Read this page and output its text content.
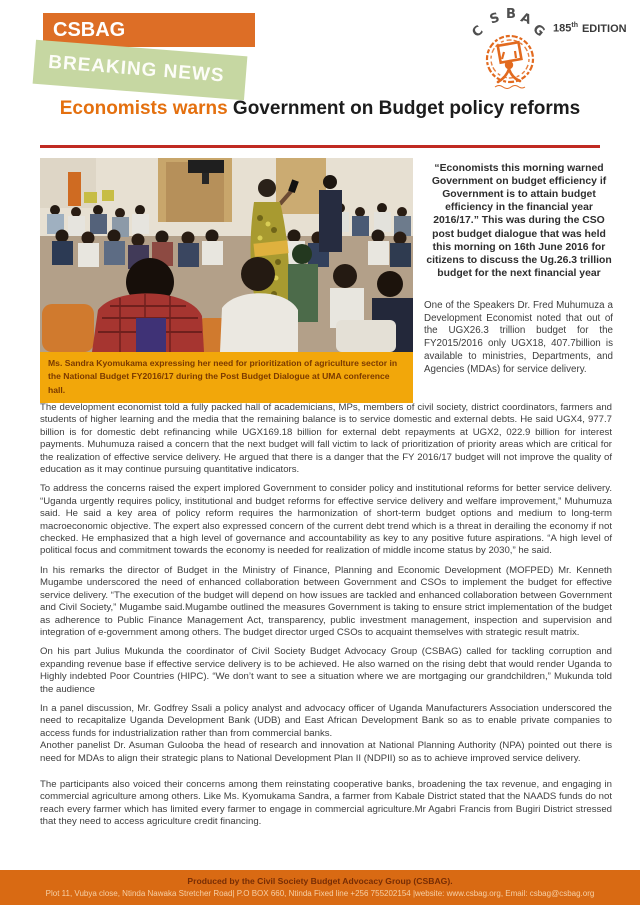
CSBAG
BREAKING NEWS
C
S B A
G 185th EDITION
Economists warns Government on Budget policy reforms
Ms. Sandra Kyomukama expressing her need for prioritization of agriculture sector in the National Budget FY2016/17 during the Post Budget Dialogue at UMA conference hall.
“Economists this morning warned Government on budget efficiency if Government is to attain budget efficiency in the financial year 2016/17.” This was during the CSO post budget dialogue that was held this morning on 16th June 2016 for citizens to discuss the Ug.26.3 trillion budget for the next financial year

One of the Speakers Dr. Fred Muhumuza a Development Economist noted that out of the UGX26.3 trillion budget for the FY2015/2016 only UGX18, 407.7billion is available to ministries, Departments, and Agencies (MDAs) for service delivery.

The development economist told a fully packed hall of academicians, MPs, members of civil society, district coordinators, farmers and students of higher learning and the media that the remaining balance is to service domestic and external debts. He said UGX4, 977.7 billion is for domestic debt refinancing while UGX169.18 billion for external debt repayments at UGX2, 022.9 billion for interest payments. Muhumuza raised a concern that the next budget will fall victim to lack of prioritization of priority areas which are critical for the realization of effective service delivery. He argued that there is a danger that the FY 2016/17 budget will not improve the quality of education as it may continue pursuing quantitative indicators.

To address the concerns raised the expert implored Government to consider policy and institutional reforms for better service delivery. “Uganda urgently requires policy, institutional and budget reforms for effective service delivery and welfare improvement,” Muhumuza said. He said a key area of policy reform requires the harmonization of short-term budget options and medium to long-term macroeconomic objective. The expert also expressed concern of the current debt trend which is a threat in derailing the economy if not checked. He emphasized that a high level of governance and accountability as key to any positive future aspirations. “A high level of political focus and commitment towards the economy is needed for realization of middle income status by 2030,” he said.

In his remarks the director of Budget in the Ministry of Finance, Planning and Economic Development (MOFPED) Mr. Kenneth Mugambe underscored the need of enhanced collaboration between Government and CSOs to implement the budget for effective service delivery. “The execution of the budget will depend on how issues are tackled and enhanced collaboration between Government and Civil Society,” Mugambe said.Mugambe outlined the measures Government is taking to ensure strict implementation of the budget as adherence to Public Finance Management Act, transparency, public investment management, inspection and supervision and integration of e-government among others. The budget director urged CSOs to acquaint themselves with strategic result matrix.

On his part Julius Mukunda the coordinator of Civil Society Budget Advocacy Group (CSBAG) called for tackling corruption and expanding revenue base if effective service delivery is to be achieved. He also warned on the rising debt that would render Uganda to Highly indebted Poor Countries (HIPC). “We don’t want to see a situation where we are mortgaging our grandchildren,” Mukunda told the audience

In a panel discussion, Mr. Godfrey Ssali a policy analyst and advocacy officer of Uganda Manufacturers Association underscored the need to recapitalize Uganda Development Bank (UDB) and East African Development Bank so as to enable private companies to access funds for industrialization rather than from commercial banks.

Another panelist Dr. Asuman Gulooba the head of research and innovation at National Planning Authority (NPA) pointed out there is need for MDAs to align their strategic plans to National Development Plan II (NDPII) so as to achieve improved service delivery.

The participants also voiced their concerns among them reinstating cooperative banks, broadening the tax revenue, and engaging in commercial agriculture among others. Like Ms. Kyomukama Sandra, a farmer from Kabale District stated that the NAADS funds do not reach every farmer which has limited every farmer to engage in commercial agriculture.Mr Agabri Francis from Bugiri District stressed that they need to access agriculture credit financing.

Produced by the Civil Society Budget Advocacy Group (CSBAG).
Plot 11, Vubya close, Ntinda Nawaka Stretcher Road| P.O BOX 660, Ntinda Fixed line +256 755202154 |website: www.csbag.org, Email: csbag@csbag.org
